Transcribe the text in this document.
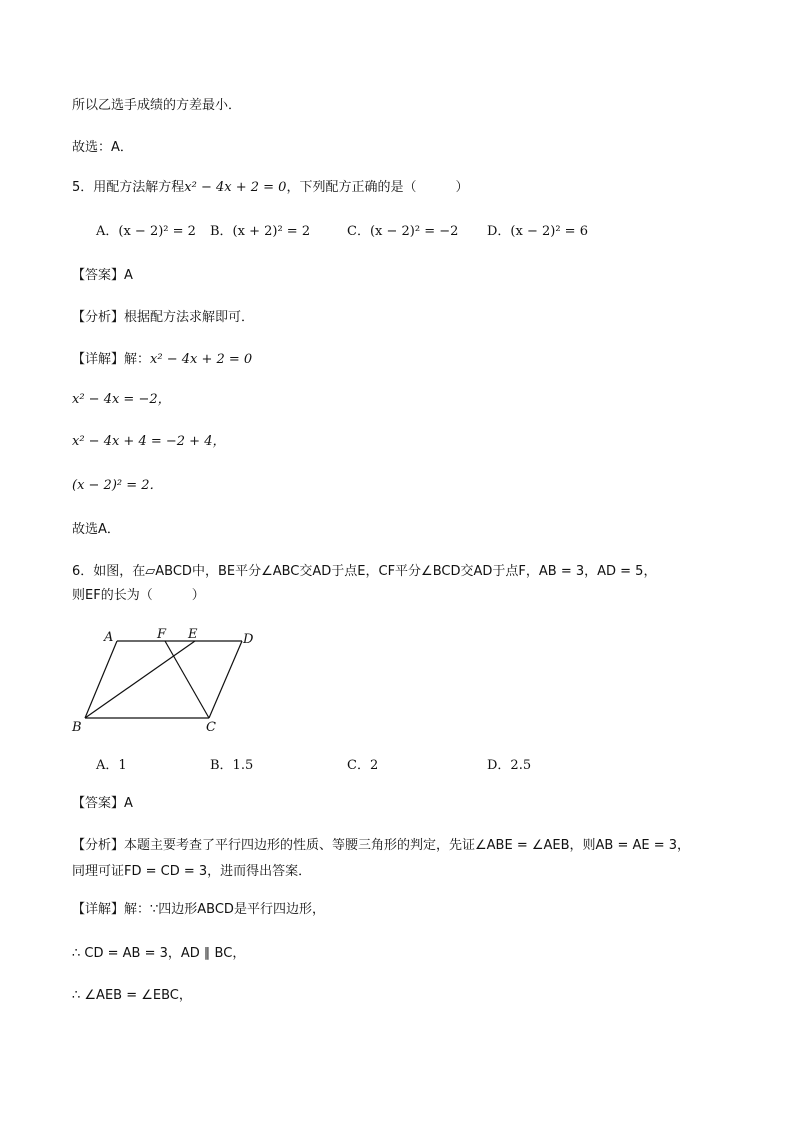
所以乙选手成绩的方差最小．
故选：A．
5．用配方法解方程x² − 4x + 2 = 0，下列配方正确的是（　　　）
A．(x − 2)² = 2 B．(x + 2)² = 2	C．(x − 2)² = −2 D．(x − 2)² = 6
【答案】A
【分析】根据配方法求解即可．
【详解】解：x² − 4x + 2 = 0
x² − 4x = −2，
x² − 4x + 4 = −2 + 4，
(x − 2)² = 2．
故选A．
6．如图，在▱ABCD中，BE平分∠ABC交AD于点E，CF平分∠BCD交AD于点F，AB = 3，AD = 5，
则EF的长为（　　　）
A	F E	D
B	C
A．1	B．1.5	C．2	D．2.5
【答案】A
【分析】本题主要考查了平行四边形的性质、等腰三角形的判定，先证∠ABE = ∠AEB，则AB = AE = 3，
同理可证FD = CD = 3，进而得出答案．
【详解】解：∵四边形ABCD是平行四边形，
∴ CD = AB = 3，AD ∥ BC，
∴ ∠AEB = ∠EBC，
